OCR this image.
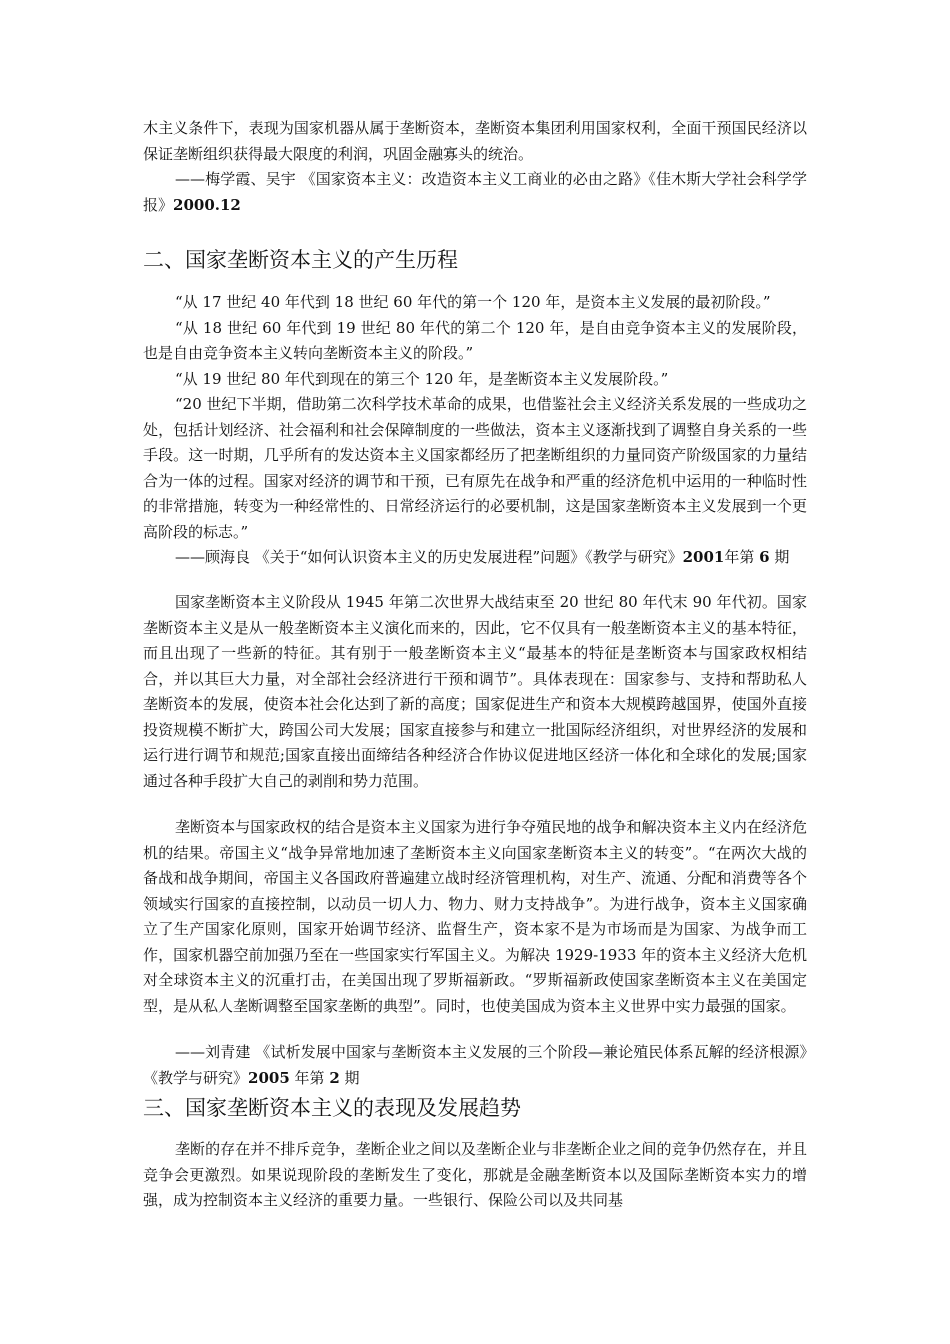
木主义条件下，表现为国家机器从属于垄断资本，垄断资本集团利用国家权利，全面干预国民经济以保证垄断组织获得最大限度的利润，巩固金融寡头的统治。

——梅学霞、吴宇 《国家资本主义：改造资本主义工商业的必由之路》《佳木斯大学社会科学学报》2000.12

二、国家垄断资本主义的产生历程

“从 17 世纪 40 年代到 18 世纪 60 年代的第一个 120 年，是资本主义发展的最初阶段。”

“从 18 世纪 60 年代到 19 世纪 80 年代的第二个 120 年，是自由竞争资本主义的发展阶段，也是自由竞争资本主义转向垄断资本主义的阶段。”

“从 19 世纪 80 年代到现在的第三个 120 年，是垄断资本主义发展阶段。”

“20 世纪下半期，借助第二次科学技术革命的成果，也借鉴社会主义经济关系发展的一些成功之处，包括计划经济、社会福利和社会保障制度的一些做法，资本主义逐渐找到了调整自身关系的一些手段。这一时期，几乎所有的发达资本主义国家都经历了把垄断组织的力量同资产阶级国家的力量结合为一体的过程。国家对经济的调节和干预，已有原先在战争和严重的经济危机中运用的一种临时性的非常措施，转变为一种经常性的、日常经济运行的必要机制，这是国家垄断资本主义发展到一个更高阶段的标志。”

——顾海良 《关于“如何认识资本主义的历史发展进程”问题》《教学与研究》2001年第 6 期

国家垄断资本主义阶段从 1945 年第二次世界大战结束至 20 世纪 80 年代末 90 年代初。国家垄断资本主义是从一般垄断资本主义演化而来的，因此，它不仅具有一般垄断资本主义的基本特征，而且出现了一些新的特征。其有别于一般垄断资本主义“最基本的特征是垄断资本与国家政权相结合，并以其巨大力量，对全部社会经济进行干预和调节”。具体表现在：国家参与、支持和帮助私人垄断资本的发展，使资本社会化达到了新的高度；国家促进生产和资本大规模跨越国界，使国外直接投资规模不断扩大，跨国公司大发展；国家直接参与和建立一批国际经济组织，对世界经济的发展和运行进行调节和规范;国家直接出面缔结各种经济合作协议促进地区经济一体化和全球化的发展;国家通过各种手段扩大自己的剥削和势力范围。

垄断资本与国家政权的结合是资本主义国家为进行争夺殖民地的战争和解决资本主义内在经济危机的结果。帝国主义“战争异常地加速了垄断资本主义向国家垄断资本主义的转变”。“在两次大战的备战和战争期间，帝国主义各国政府普遍建立战时经济管理机构，对生产、流通、分配和消费等各个领域实行国家的直接控制，以动员一切人力、物力、财力支持战争”。为进行战争，资本主义国家确立了生产国家化原则，国家开始调节经济、监督生产，资本家不是为市场而是为国家、为战争而工作，国家机器空前加强乃至在一些国家实行军国主义。为解决 1929-1933 年的资本主义经济大危机对全球资本主义的沉重打击，在美国出现了罗斯福新政。“罗斯福新政使国家垄断资本主义在美国定型，是从私人垄断调整至国家垄断的典型”。同时，也使美国成为资本主义世界中实力最强的国家。

——刘青建 《试析发展中国家与垄断资本主义发展的三个阶段—兼论殖民体系瓦解的经济根源》《教学与研究》2005 年第 2 期

三、国家垄断资本主义的表现及发展趋势

垄断的存在并不排斥竞争，垄断企业之间以及垄断企业与非垄断企业之间的竞争仍然存在，并且竞争会更激烈。如果说现阶段的垄断发生了变化，那就是金融垄断资本以及国际垄断资本实力的增强，成为控制资本主义经济的重要力量。一些银行、保险公司以及共同基
